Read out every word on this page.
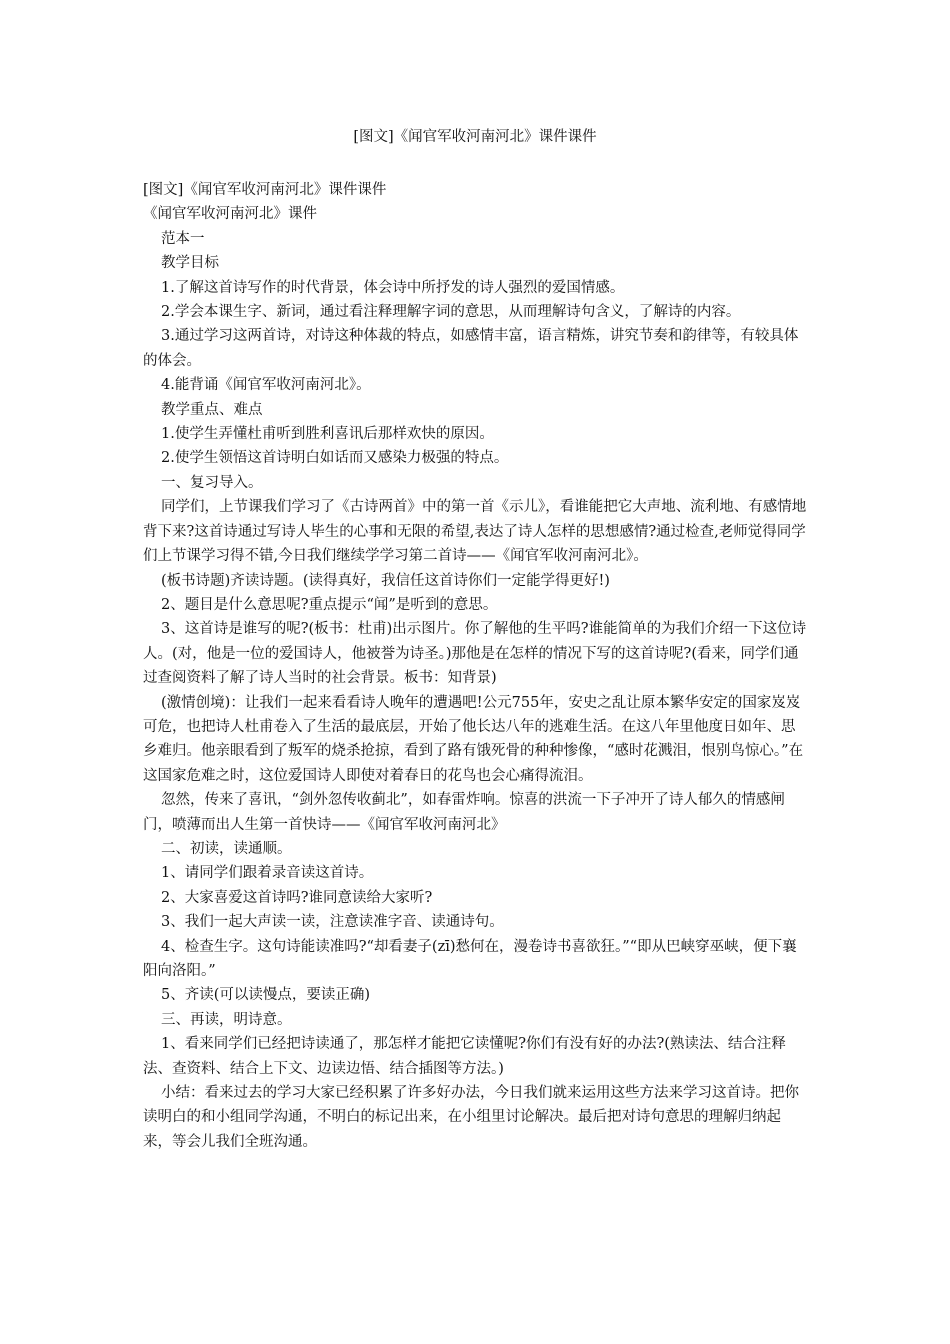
[图文]《闻官军收河南河北》课件课件

[图文]《闻官军收河南河北》课件课件

《闻官军收河南河北》课件

范本一

教学目标

1.了解这首诗写作的时代背景，体会诗中所抒发的诗人强烈的爱国情感。

2.学会本课生字、新词，通过看注释理解字词的意思，从而理解诗句含义，了解诗的内容。

3.通过学习这两首诗，对诗这种体裁的特点，如感情丰富，语言精炼，讲究节奏和韵律等，有较具体的体会。

4.能背诵《闻官军收河南河北》。

教学重点、难点

1.使学生弄懂杜甫听到胜利喜讯后那样欢快的原因。

2.使学生领悟这首诗明白如话而又感染力极强的特点。

一、复习导入。

同学们，上节课我们学习了《古诗两首》中的第一首《示儿》，看谁能把它大声地、流利地、有感情地背下来?这首诗通过写诗人毕生的心事和无限的希望,表达了诗人怎样的思想感情?通过检查,老师觉得同学们上节课学习得不错,今日我们继续学学习第二首诗——《闻官军收河南河北》。

(板书诗题)齐读诗题。(读得真好，我信任这首诗你们一定能学得更好!)

2、题目是什么意思呢?重点提示“闻”是听到的意思。

3、这首诗是谁写的呢?(板书：杜甫)出示图片。你了解他的生平吗?谁能简单的为我们介绍一下这位诗人。(对，他是一位的爱国诗人，他被誉为诗圣。)那他是在怎样的情况下写的这首诗呢?(看来，同学们通过查阅资料了解了诗人当时的社会背景。板书：知背景)

(激情创境)：让我们一起来看看诗人晚年的遭遇吧!公元755年，安史之乱让原本繁华安定的国家岌岌可危，也把诗人杜甫卷入了生活的最底层，开始了他长达八年的逃难生活。在这八年里他度日如年、思乡难归。他亲眼看到了叛军的烧杀抢掠，看到了路有饿死骨的种种惨像，“感时花溅泪，恨别鸟惊心。”在这国家危难之时，这位爱国诗人即使对着春日的花鸟也会心痛得流泪。

忽然，传来了喜讯，“剑外忽传收蓟北”，如春雷炸响。惊喜的洪流一下子冲开了诗人郁久的情感闸门，喷薄而出人生第一首快诗——《闻官军收河南河北》

二、初读，读通顺。

1、请同学们跟着录音读这首诗。

2、大家喜爱这首诗吗?谁同意读给大家听?

3、我们一起大声读一读，注意读准字音、读通诗句。

4、检查生字。这句诗能读准吗?“却看妻子(zī)愁何在，漫卷诗书喜欲狂。”“即从巴峡穿巫峡，便下襄阳向洛阳。”

5、齐读(可以读慢点，要读正确)

三、再读，明诗意。

1、看来同学们已经把诗读通了，那怎样才能把它读懂呢?你们有没有好的办法?(熟读法、结合注释法、查资料、结合上下文、边读边悟、结合插图等方法。)

小结：看来过去的学习大家已经积累了许多好办法，今日我们就来运用这些方法来学习这首诗。把你读明白的和小组同学沟通，不明白的标记出来，在小组里讨论解决。最后把对诗句意思的理解归纳起来，等会儿我们全班沟通。
